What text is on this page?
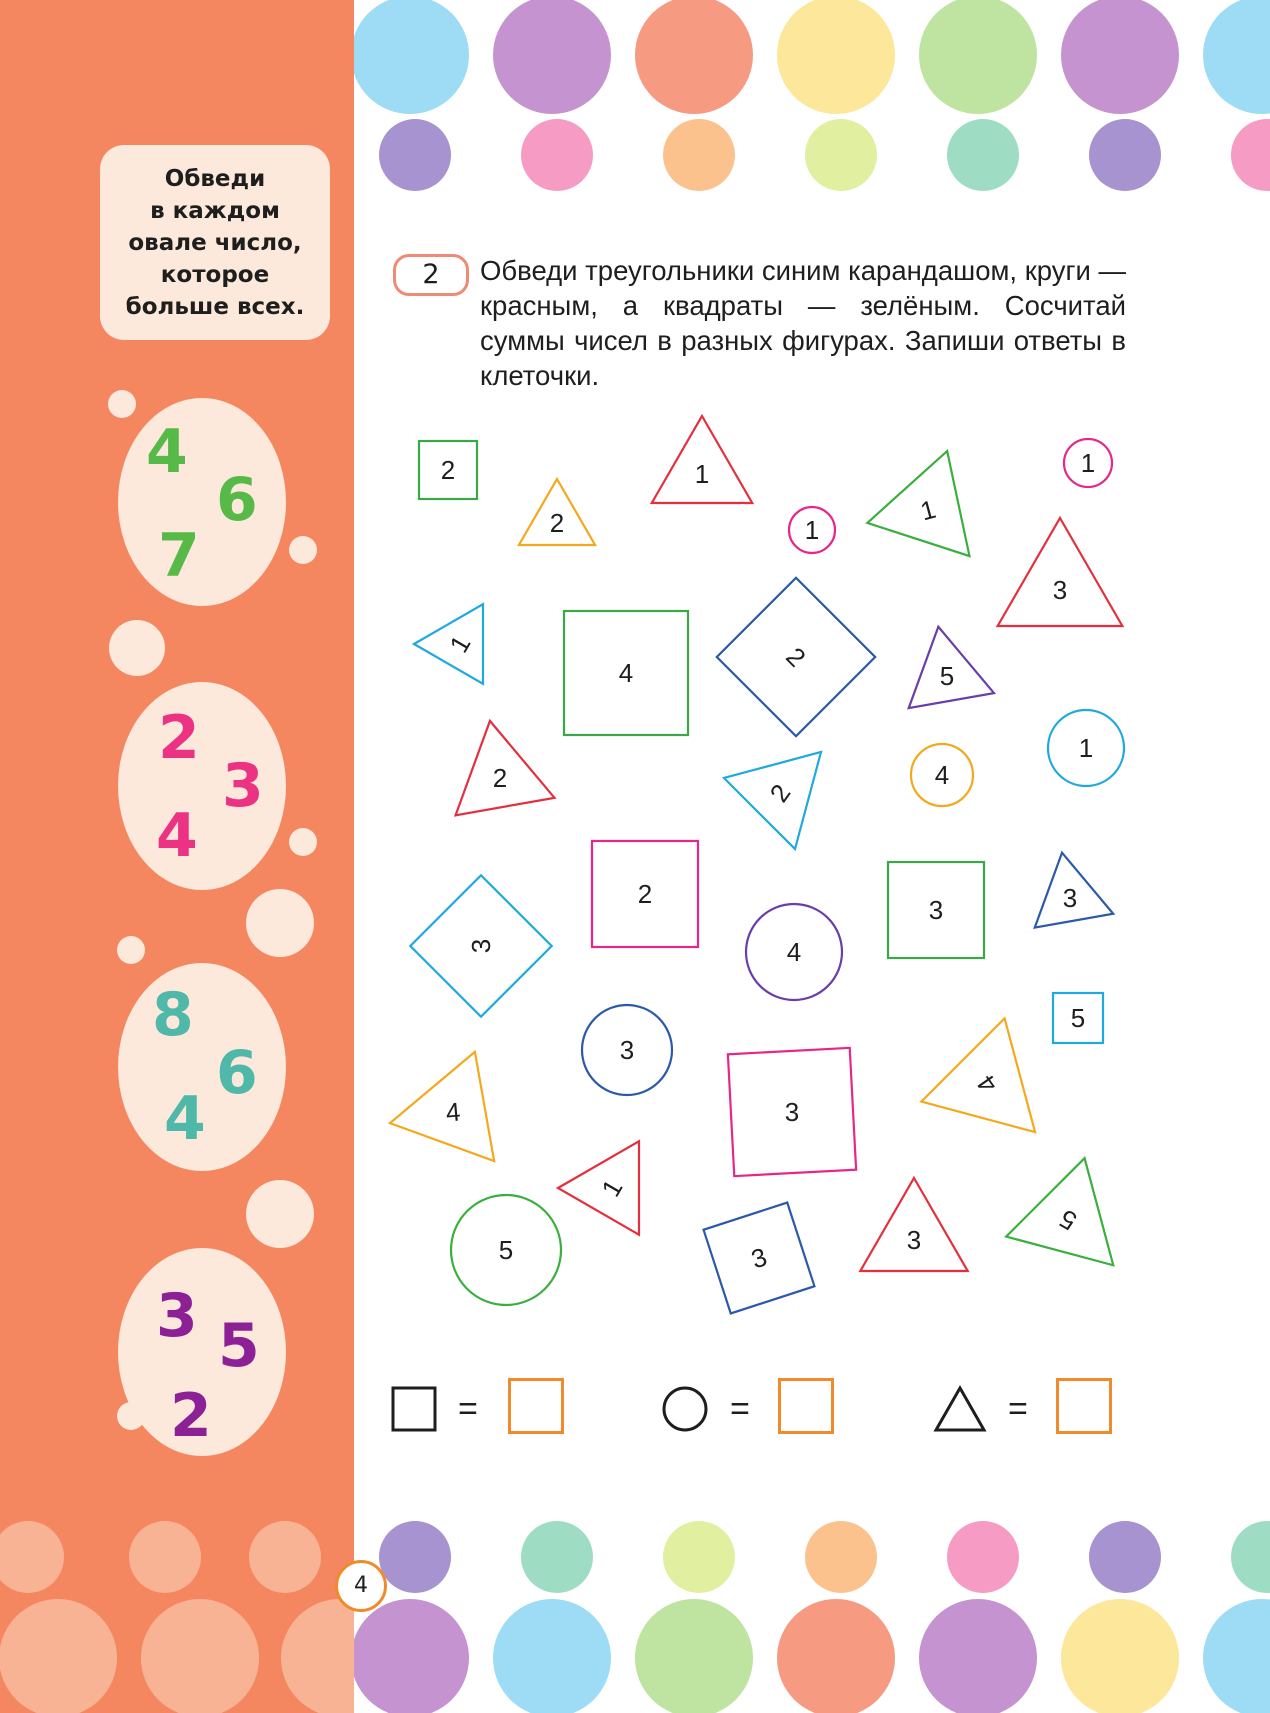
Обведи
в каждом
овале число,
которое
больше всех.
4
6
7
2
3
4
8
6
4
3 5
2
2	Обведи треугольники синим карандашом, круги — красным, а квадраты — зелёным. Сосчитай суммы чисел в разных фигурах. Запиши ответы в клеточки.
2
2
1
1
1
1
3
1
4
2
5
1
2	2
4
2
3	3
3	4
5
3
3
4
4
1
5	3
3
5
=	=	=
4
